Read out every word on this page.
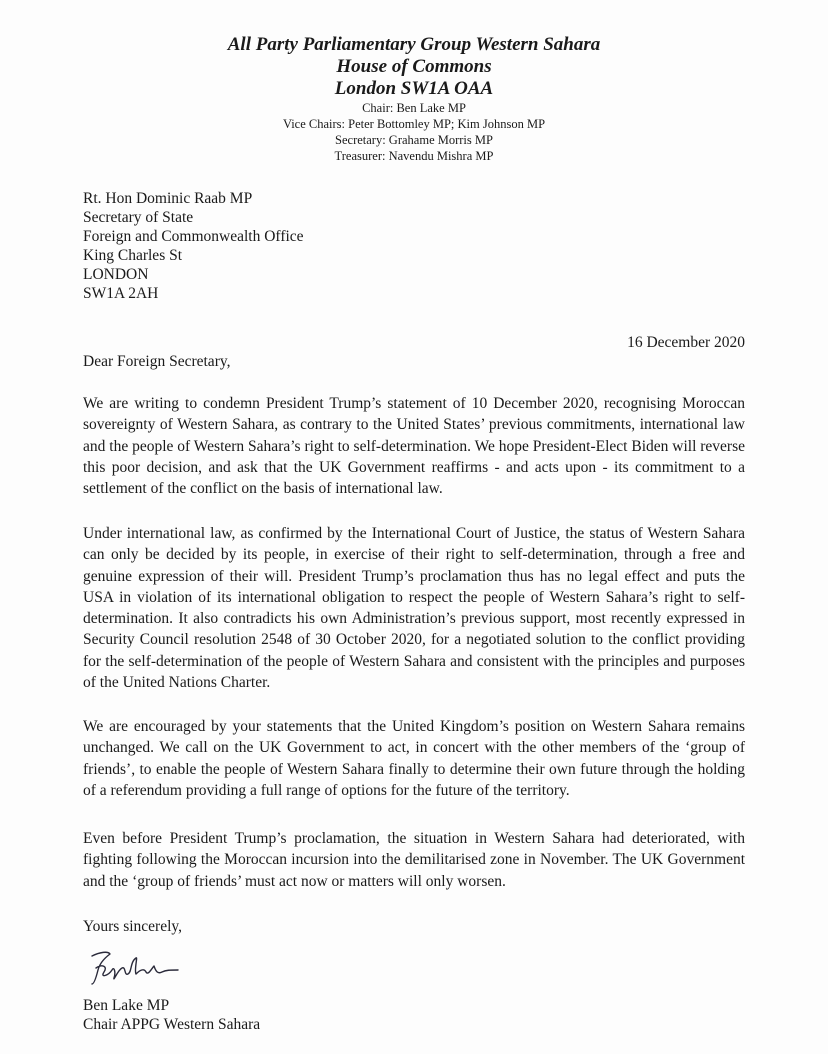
All Party Parliamentary Group Western Sahara

House of Commons

London SW1A OAA

Chair: Ben Lake MP

Vice Chairs: Peter Bottomley MP; Kim Johnson MP

Secretary: Grahame Morris MP

Treasurer: Navendu Mishra MP

Rt. Hon Dominic Raab MP
Secretary of State
Foreign and Commonwealth Office
King Charles St
LONDON
SW1A 2AH
16 December 2020
Dear Foreign Secretary,

We are writing to condemn President Trump’s statement of 10 December 2020, recognising Moroccan sovereignty of Western Sahara, as contrary to the United States’ previous commitments, international law and the people of Western Sahara’s right to self-determination. We hope President-Elect Biden will reverse this poor decision, and ask that the UK Government reaffirms - and acts upon - its commitment to a settlement of the conflict on the basis of international law.

Under international law, as confirmed by the International Court of Justice, the status of Western Sahara can only be decided by its people, in exercise of their right to self-determination, through a free and genuine expression of their will. President Trump’s proclamation thus has no legal effect and puts the USA in violation of its international obligation to respect the people of Western Sahara’s right to self-determination. It also contradicts his own Administration’s previous support, most recently expressed in Security Council resolution 2548 of 30 October 2020, for a negotiated solution to the conflict providing for the self-determination of the people of Western Sahara and consistent with the principles and purposes of the United Nations Charter.

We are encouraged by your statements that the United Kingdom’s position on Western Sahara remains unchanged. We call on the UK Government to act, in concert with the other members of the ‘group of friends’, to enable the people of Western Sahara finally to determine their own future through the holding of a referendum providing a full range of options for the future of the territory.

Even before President Trump’s proclamation, the situation in Western Sahara had deteriorated, with fighting following the Moroccan incursion into the demilitarised zone in November. The UK Government and the ‘group of friends’ must act now or matters will only worsen.

Yours sincerely,
Ben Lake MP
Chair APPG Western Sahara
